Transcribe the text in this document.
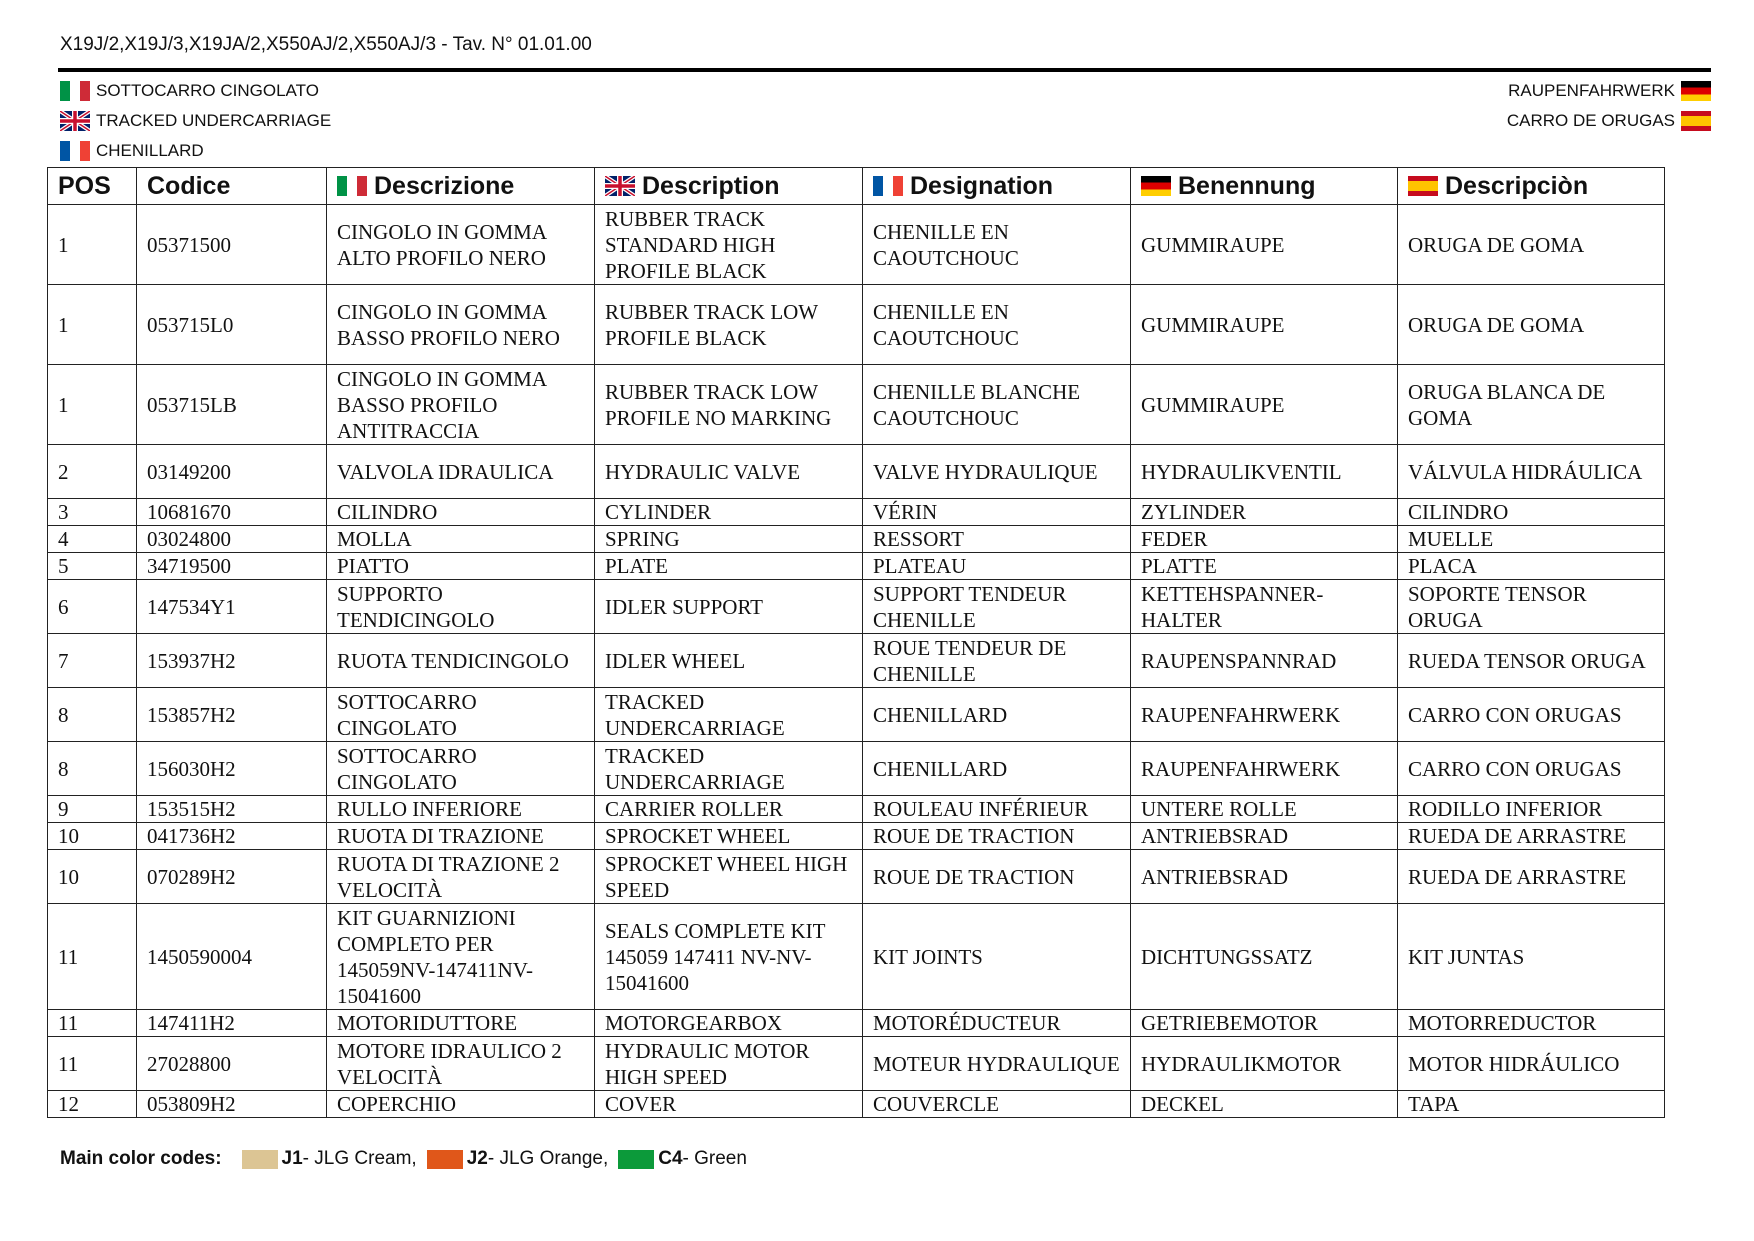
X19J/2,X19J/3,X19JA/2,X550AJ/2,X550AJ/3 - Tav. N° 01.01.00
SOTTOCARRO CINGOLATO
TRACKED UNDERCARRIAGE
CHENILLARD
RAUPENFAHRWERK
CARRO DE ORUGAS
POS	Codice	Descrizione	Description	Designation	Benennung	Descripciòn

1	05371500	CINGOLO IN GOMMA ALTO PROFILO NERO	RUBBER TRACK STANDARD HIGH PROFILE BLACK	CHENILLE EN CAOUTCHOUC	GUMMIRAUPE	ORUGA DE GOMA
1	053715L0	CINGOLO IN GOMMA BASSO PROFILO NERO	RUBBER TRACK LOW PROFILE BLACK	CHENILLE EN CAOUTCHOUC	GUMMIRAUPE	ORUGA DE GOMA
1	053715LB	CINGOLO IN GOMMA BASSO PROFILO ANTITRACCIA	RUBBER TRACK LOW PROFILE NO MARKING	CHENILLE BLANCHE CAOUTCHOUC	GUMMIRAUPE	ORUGA BLANCA DE GOMA
2	03149200	VALVOLA IDRAULICA	HYDRAULIC VALVE	VALVE HYDRAULIQUE	HYDRAULIKVENTIL	VÁLVULA HIDRÁULICA
3	10681670	CILINDRO	CYLINDER	VÉRIN	ZYLINDER	CILINDRO
4	03024800	MOLLA	SPRING	RESSORT	FEDER	MUELLE
5	34719500	PIATTO	PLATE	PLATEAU	PLATTE	PLACA
6	147534Y1	SUPPORTO TENDICINGOLO	IDLER SUPPORT	SUPPORT TENDEUR CHENILLE	KETTEHSPANNER-HALTER	SOPORTE TENSOR ORUGA
7	153937H2	RUOTA TENDICINGOLO	IDLER WHEEL	ROUE TENDEUR DE CHENILLE	RAUPENSPANNRAD	RUEDA TENSOR ORUGA
8	153857H2	SOTTOCARRO CINGOLATO	TRACKED UNDERCARRIAGE	CHENILLARD	RAUPENFAHRWERK	CARRO CON ORUGAS
8	156030H2	SOTTOCARRO CINGOLATO	TRACKED UNDERCARRIAGE	CHENILLARD	RAUPENFAHRWERK	CARRO CON ORUGAS
9	153515H2	RULLO INFERIORE	CARRIER ROLLER	ROULEAU INFÉRIEUR	UNTERE ROLLE	RODILLO INFERIOR
10	041736H2	RUOTA DI TRAZIONE	SPROCKET WHEEL	ROUE DE TRACTION	ANTRIEBSRAD	RUEDA DE ARRASTRE
10	070289H2	RUOTA DI TRAZIONE 2 VELOCITÀ	SPROCKET WHEEL HIGH SPEED	ROUE DE TRACTION	ANTRIEBSRAD	RUEDA DE ARRASTRE
11	1450590004	KIT GUARNIZIONI COMPLETO PER 145059NV-147411NV-15041600	SEALS COMPLETE KIT 145059 147411 NV-NV-15041600	KIT JOINTS	DICHTUNGSSATZ	KIT JUNTAS
11	147411H2	MOTORIDUTTORE	MOTORGEARBOX	MOTORÉDUCTEUR	GETRIEBEMOTOR	MOTORREDUCTOR
11	27028800	MOTORE IDRAULICO 2 VELOCITÀ	HYDRAULIC MOTOR HIGH SPEED	MOTEUR HYDRAULIQUE	HYDRAULIKMOTOR	MOTOR HIDRÁULICO
12	053809H2	COPERCHIO	COVER	COUVERCLE	DECKEL	TAPA
Main color codes:	J1 - JLG Cream,	J2 - JLG Orange,	C4 - Green
